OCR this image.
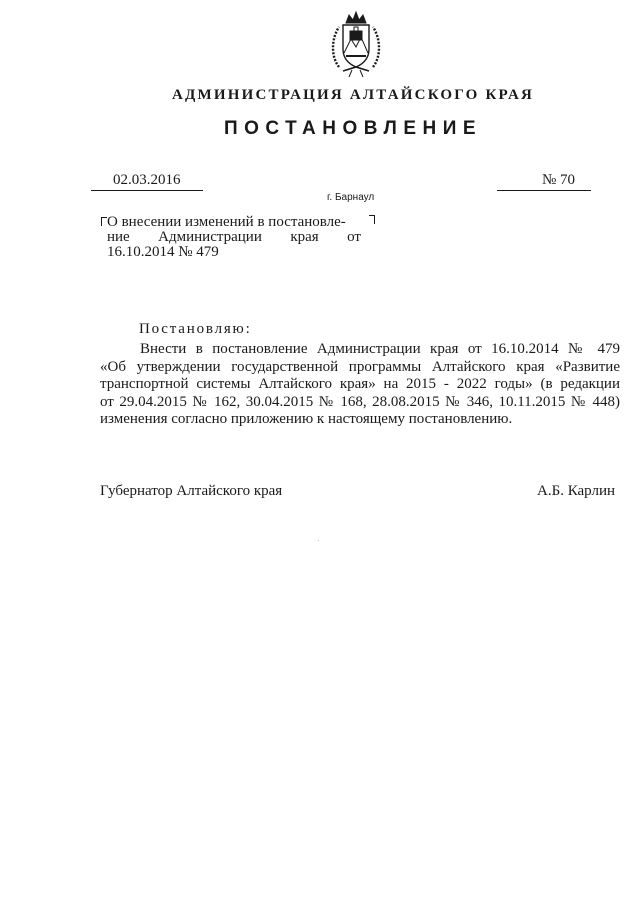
АДМИНИСТРАЦИЯ АЛТАЙСКОГО КРАЯ
ПОСТАНОВЛЕНИЕ
02.03.2016	№ 70
г. Барнаул
О внесении изменений в постановле-
ние Администрации края от
16.10.2014 № 479
Постановляю:
Внести в постановление Администрации края от 16.10.2014 № 479
«Об утверждении государственной программы Алтайского края «Развитие
транспортной системы Алтайского края» на 2015 - 2022 годы» (в редакции
от 29.04.2015 № 162, 30.04.2015 № 168, 28.08.2015 № 346, 10.11.2015 № 448)
изменения согласно приложению к настоящему постановлению.
Губернатор Алтайского края	А.Б. Карлин
